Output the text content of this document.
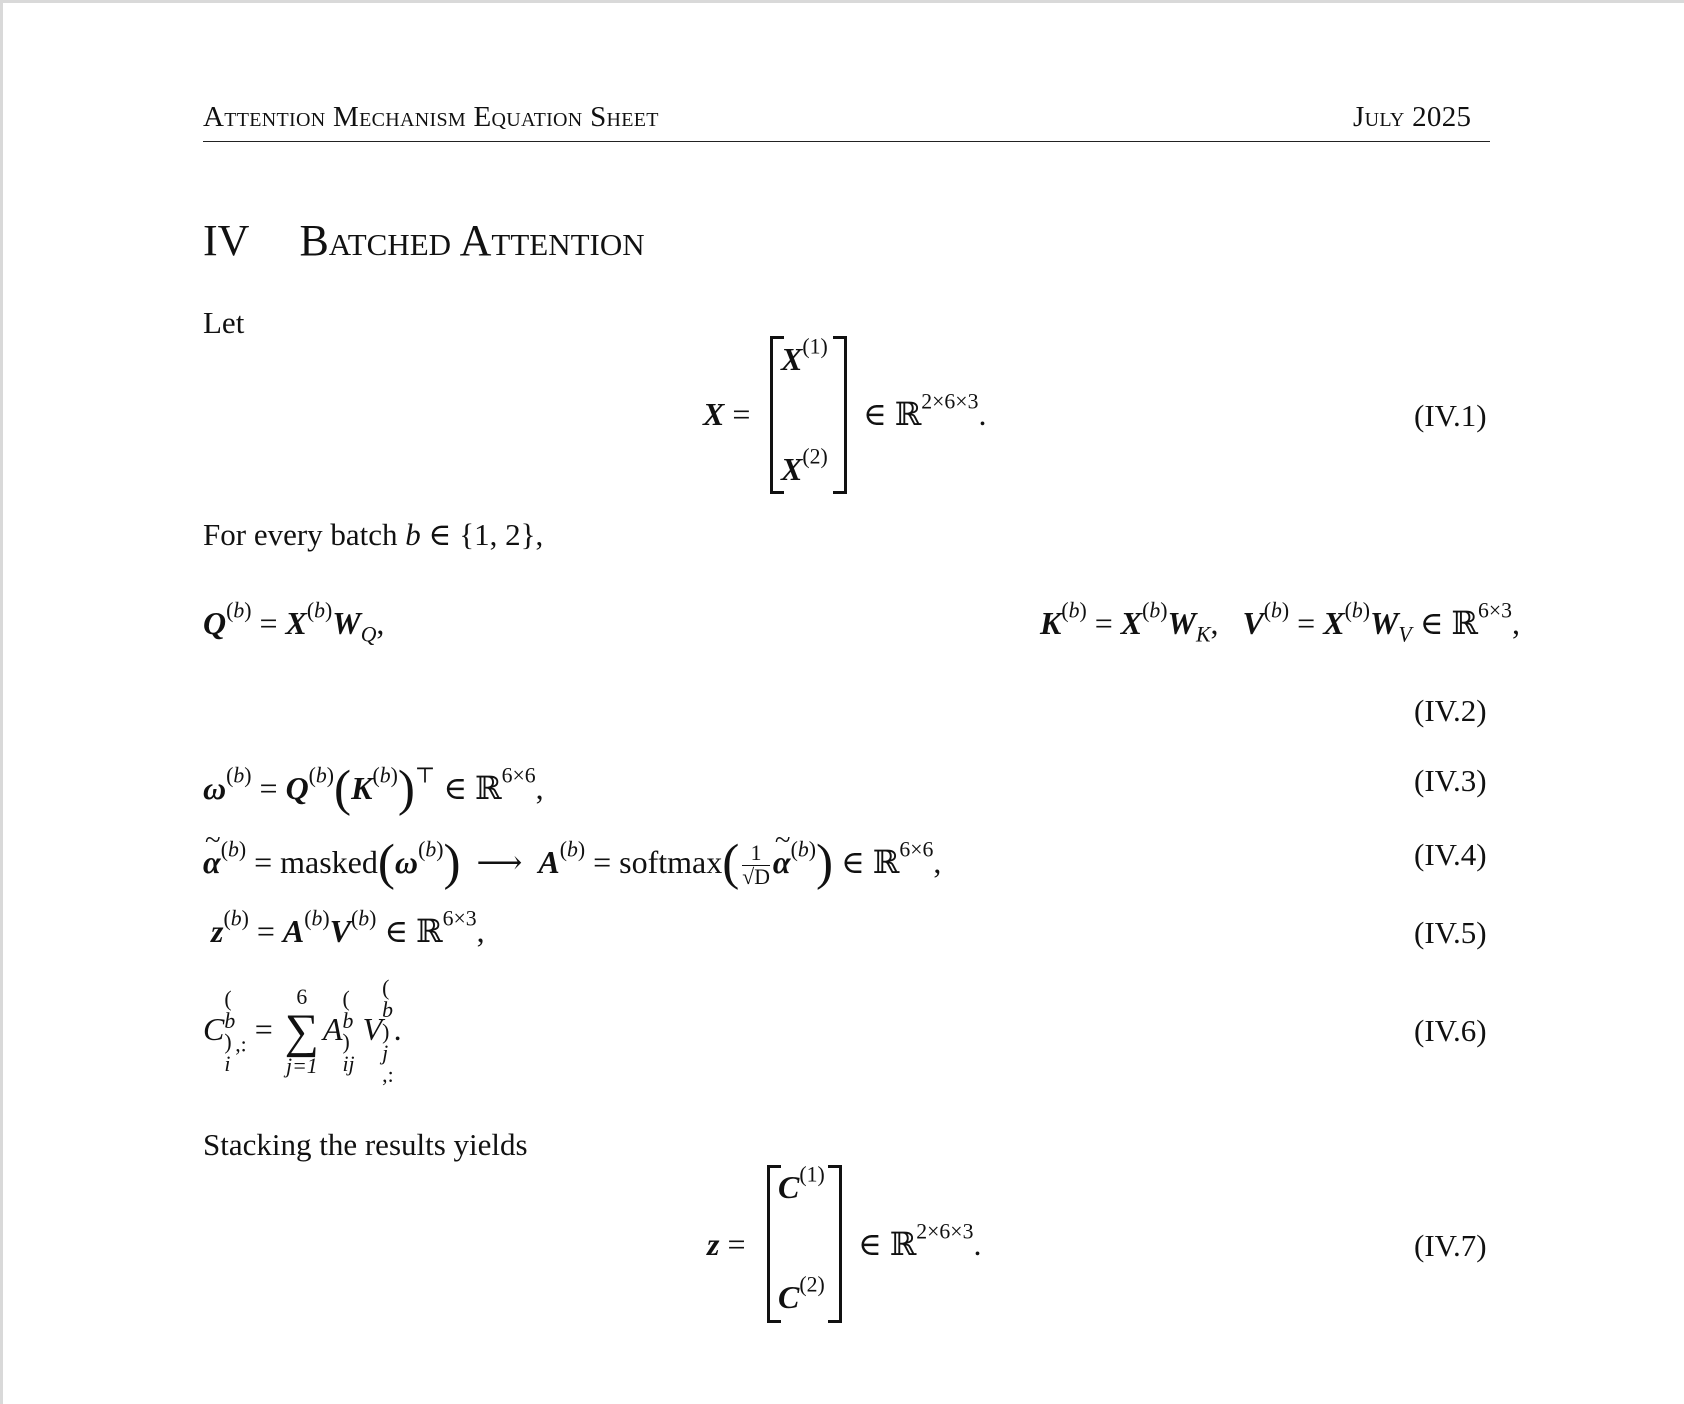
Attention Mechanism Equation Sheet	July 2025
IV Batched Attention
Let
X =
$X^{(1)}$
$X^{(2)}$
∈ ℝ$^{2\times 6\times 3}$.	(IV.1)
For every batch b ∈ {1, 2},
$Q^{(b)} = X^{(b)}W_Q$,	$K^{(b)} = X^{(b)}W_K$,   $V^{(b)} = X^{(b)}W_V$ ∈ ℝ$^{6\times 3}$,
(IV.2)
$\omega^{(b)} = Q^{(b)}(K^{(b)})^⊤$ ∈ ℝ$^{6\times 6}$,	(IV.3)
~ $\alpha^{(b)}$ = $masked(\omega^{(b)})$ ⟶ $A^{(b)}$ = softmax( $\frac{1}{√D}$
~ $\alpha^{(b)}$) ∈ ℝ$^{6\times 6}$,	(IV.4)
$z^{(b)} = A^{(b)}V^{(b)}$ ∈ ℝ$^{6\times 3}$,	(IV.5)
C
(
b
)
i
$_{,:}$ =
6
∑
j=1
A
(
b
)
ij
V
(
b
)
j
,:
.	(IV.6)
Stacking the results yields
z =
$C^{(1)}$
$C^{(2)}$
∈ ℝ$^{2\times 6\times 3}$.	(IV.7)
